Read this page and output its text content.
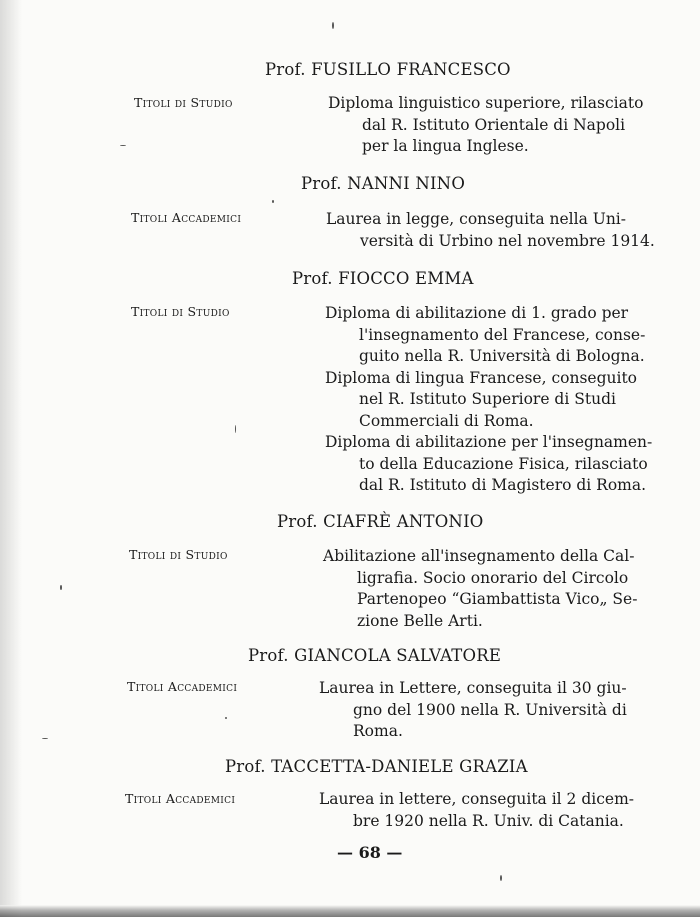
Prof. FUSILLO FRANCESCO
Titoli di Studio	Diploma linguistico superiore, rilasciato
dal R. Istituto Orientale di Napoli
per la lingua Inglese.
Prof. NANNI NINO
Titoli Accademici	Laurea in legge, conseguita nella Uni-
versità di Urbino nel novembre 1914.
Prof. FIOCCO EMMA
Titoli di Studio	Diploma di abilitazione di 1. grado per
l'insegnamento del Francese, conse-
guito nella R. Università di Bologna.
Diploma di lingua Francese, conseguito
nel R. Istituto Superiore di Studi
Commerciali di Roma.
Diploma di abilitazione per l'insegnamen-
to della Educazione Fisica, rilasciato
dal R. Istituto di Magistero di Roma.
Prof. CIAFRÈ ANTONIO
Titoli di Studio	Abilitazione all'insegnamento della Cal-
ligrafia. Socio onorario del Circolo
Partenopeo “Giambattista Vico„ Se-
zione Belle Arti.
Prof. GIANCOLA SALVATORE
Titoli Accademici	Laurea in Lettere, conseguita il 30 giu-
gno del 1900 nella R. Università di
Roma.
Prof. TACCETTA-DANIELE GRAZIA
Titoli Accademici	Laurea in lettere, conseguita il 2 dicem-
bre 1920 nella R. Univ. di Catania.
— 68 —
